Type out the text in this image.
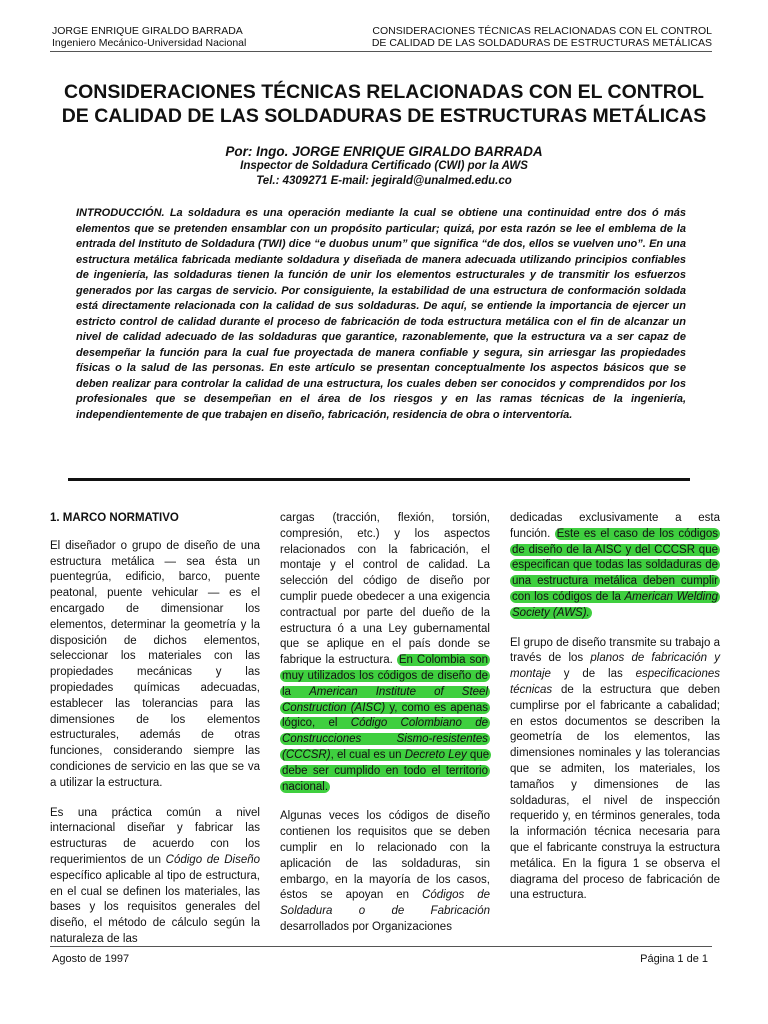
JORGE ENRIQUE GIRALDO BARRADA
Ingeniero Mecánico-Universidad Nacional
CONSIDERACIONES TÉCNICAS RELACIONADAS CON EL CONTROL
DE CALIDAD DE LAS SOLDADURAS DE ESTRUCTURAS METÁLICAS
CONSIDERACIONES TÉCNICAS RELACIONADAS CON EL CONTROL
DE CALIDAD DE LAS SOLDADURAS DE ESTRUCTURAS METÁLICAS
Por: Ingo. JORGE ENRIQUE GIRALDO BARRADA
Inspector de Soldadura Certificado (CWI) por la AWS
Tel.: 4309271 E-mail: jegirald@unalmed.edu.co
INTRODUCCIÓN. La soldadura es una operación mediante la cual se obtiene una continuidad entre dos ó más elementos que se pretenden ensamblar con un propósito particular; quizá, por esta razón se lee el emblema de la entrada del Instituto de Soldadura (TWI) dice “e duobus unum” que significa “de dos, ellos se vuelven uno”. En una estructura metálica fabricada mediante soldadura y diseñada de manera adecuada utilizando principios confiables de ingeniería, las soldaduras tienen la función de unir los elementos estructurales y de transmitir los esfuerzos generados por las cargas de servicio. Por consiguiente, la estabilidad de una estructura de conformación soldada está directamente relacionada con la calidad de sus soldaduras. De aquí, se entiende la importancia de ejercer un estricto control de calidad durante el proceso de fabricación de toda estructura metálica con el fin de alcanzar un nivel de calidad adecuado de las soldaduras que garantice, razonablemente, que la estructura va a ser capaz de desempeñar la función para la cual fue proyectada de manera confiable y segura, sin arriesgar las propiedades físicas o la salud de las personas. En este artículo se presentan conceptualmente los aspectos básicos que se deben realizar para controlar la calidad de una estructura, los cuales deben ser conocidos y comprendidos por los profesionales que se desempeñan en el área de los riesgos y en las ramas técnicas de la ingeniería, independientemente de que trabajen en diseño, fabricación, residencia de obra o interventoría.

1. MARCO NORMATIVO

El diseñador o grupo de diseño de una estructura metálica — sea ésta un puentegrúa, edificio, barco, puente peatonal, puente vehicular — es el encargado de dimensionar los elementos, determinar la geometría y la disposición de dichos elementos, seleccionar los materiales con las propiedades mecánicas y las propiedades químicas adecuadas, establecer las tolerancias para las dimensiones de los elementos estructurales, además de otras funciones, considerando siempre las condiciones de servicio en las que se va a utilizar la estructura.

Es una práctica común a nivel internacional diseñar y fabricar las estructuras de acuerdo con los requerimientos de un Código de Diseño específico aplicable al tipo de estructura, en el cual se definen los materiales, las bases y los requisitos generales del diseño, el método de cálculo según la naturaleza de las

cargas (tracción, flexión, torsión, compresión, etc.) y los aspectos relacionados con la fabricación, el montaje y el control de calidad. La selección del código de diseño por cumplir puede obedecer a una exigencia contractual por parte del dueño de la estructura ó a una Ley gubernamental que se aplique en el país donde se fabrique la estructura. En Colombia son muy utilizados los códigos de diseño de la American Institute of Steel Construction (AISC) y, como es apenas lógico, el Código Colombiano de Construcciones Sismo-resistentes (CCCSR), el cual es un Decreto Ley que debe ser cumplido en todo el territorio nacional.

Algunas veces los códigos de diseño contienen los requisitos que se deben cumplir en lo relacionado con la aplicación de las soldaduras, sin embargo, en la mayoría de los casos, éstos se apoyan en Códigos de Soldadura o de Fabricación desarrollados por Organizaciones

dedicadas exclusivamente a esta función. Este es el caso de los códigos de diseño de la AISC y del CCCSR que especifican que todas las soldaduras de una estructura metálica deben cumplir con los códigos de la American Welding Society (AWS).

El grupo de diseño transmite su trabajo a través de los planos de fabricación y montaje y de las especificaciones técnicas de la estructura que deben cumplirse por el fabricante a cabalidad; en estos documentos se describen la geometría de los elementos, las dimensiones nominales y las tolerancias que se admiten, los materiales, los tamaños y dimensiones de las soldaduras, el nivel de inspección requerido y, en términos generales, toda la información técnica necesaria para que el fabricante construya la estructura metálica. En la figura 1 se observa el diagrama del proceso de fabricación de una estructura.

Agosto de 1997	Página 1 de 1
